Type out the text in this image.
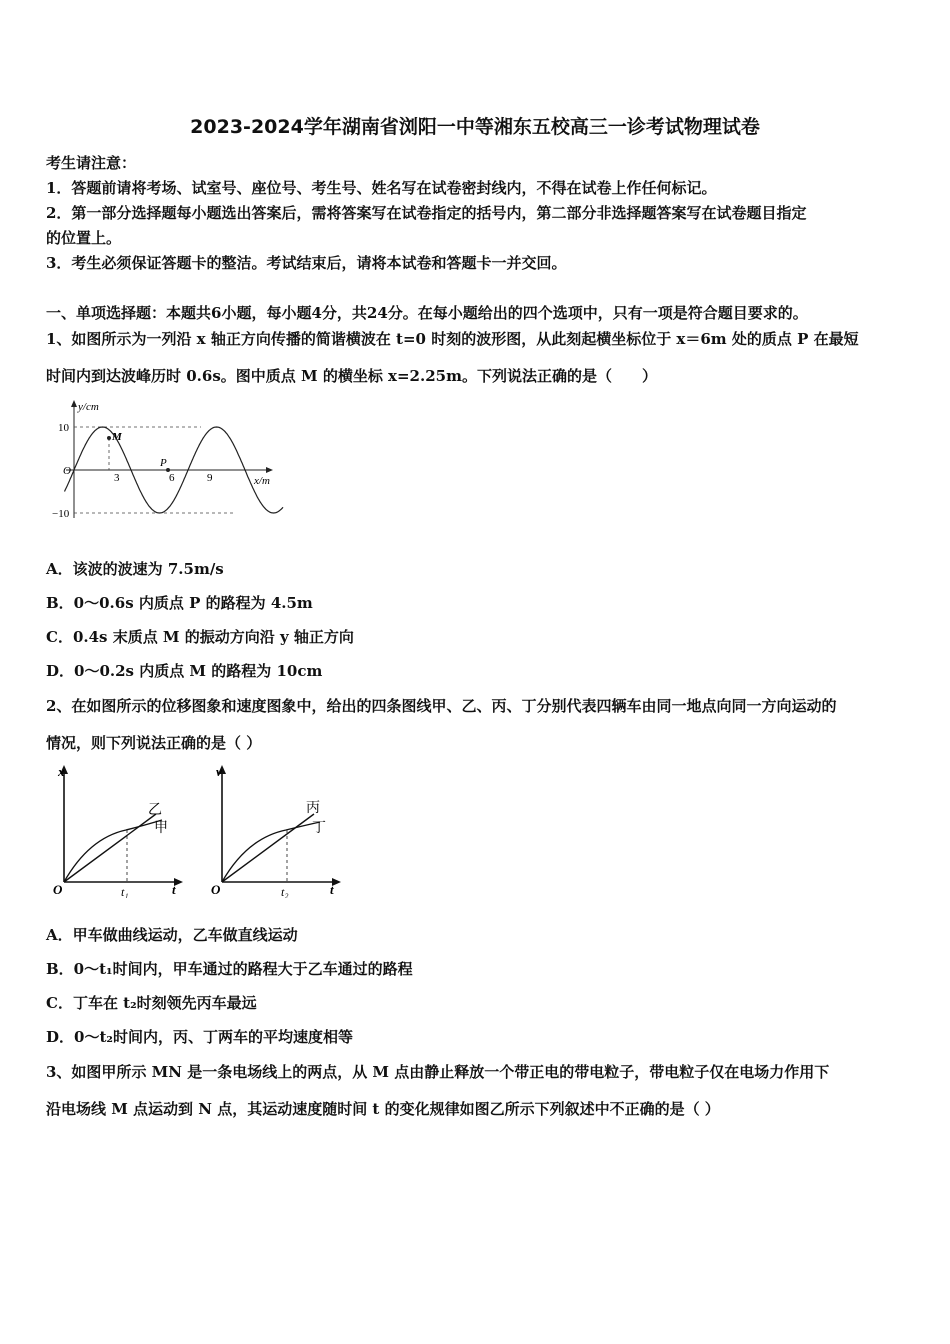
2023-2024学年湖南省浏阳一中等湘东五校高三一诊考试物理试卷
考生请注意：
1．答题前请将考场、试室号、座位号、考生号、姓名写在试卷密封线内，不得在试卷上作任何标记。
2．第一部分选择题每小题选出答案后，需将答案写在试卷指定的括号内，第二部分非选择题答案写在试卷题目指定
的位置上。
3．考生必须保证答题卡的整洁。考试结束后，请将本试卷和答题卡一并交回。
一、单项选择题：本题共6小题，每小题4分，共24分。在每小题给出的四个选项中，只有一项是符合题目要求的。
1、如图所示为一列沿 x 轴正方向传播的简谐横波在 t=0 时刻的波形图，从此刻起横坐标位于 x＝6m 处的质点 P 在最短
时间内到达波峰历时 0.6s。图中质点 M 的横坐标 x=2.25m。下列说法正确的是（　　）
y/cm
x/m
10
O
−10
3	6	9
M
P
A．该波的波速为 7.5m/s
B．0～0.6s 内质点 P 的路程为 4.5m
C．0.4s 末质点 M 的振动方向沿 y 轴正方向
D．0～0.2s 内质点 M 的路程为 10cm
2、在如图所示的位移图象和速度图象中，给出的四条图线甲、乙、丙、丁分别代表四辆车由同一地点向同一方向运动的
情况，则下列说法正确的是（ ）
x
t
O	t₁
乙
甲
v
t
O	t₂
丙
丁
A．甲车做曲线运动，乙车做直线运动
B．0～t₁时间内，甲车通过的路程大于乙车通过的路程
C．丁车在 t₂时刻领先丙车最远
D．0～t₂时间内，丙、丁两车的平均速度相等
3、如图甲所示 MN 是一条电场线上的两点，从 M 点由静止释放一个带正电的带电粒子，带电粒子仅在电场力作用下
沿电场线 M 点运动到 N 点，其运动速度随时间 t 的变化规律如图乙所示下列叙述中不正确的是（ ）
